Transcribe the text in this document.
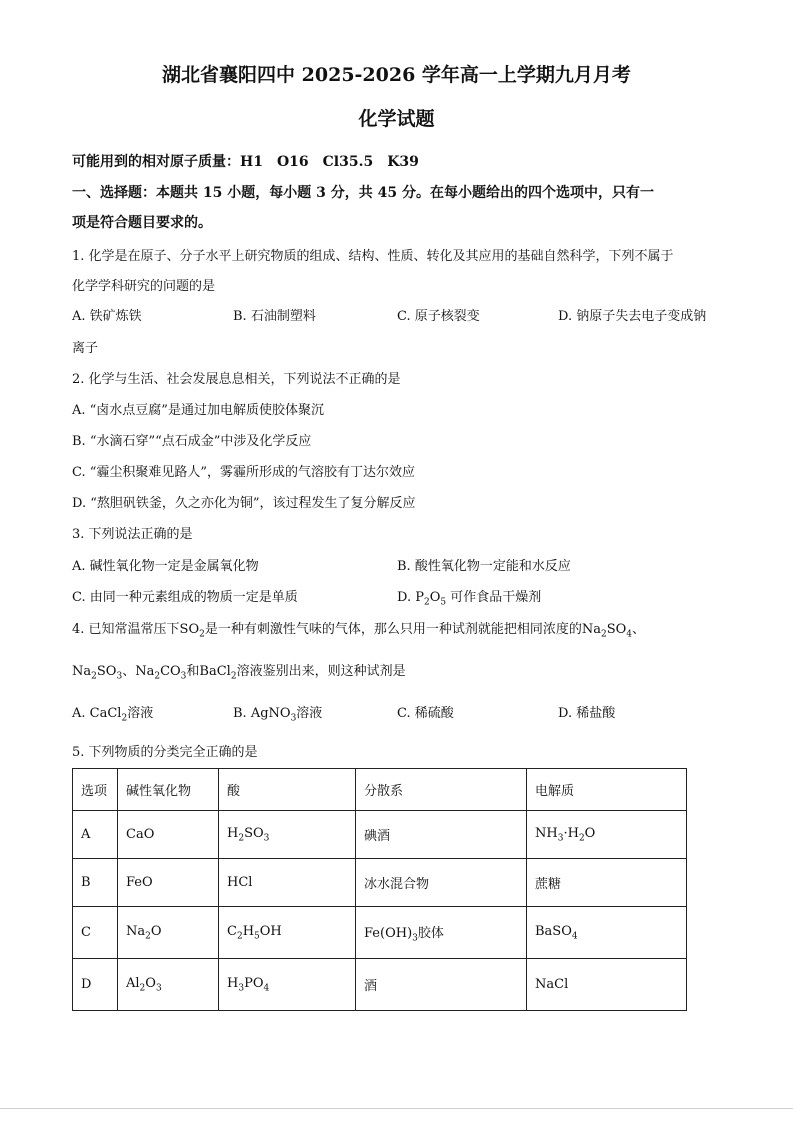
湖北省襄阳四中 2025-2026 学年高一上学期九月月考
化学试题
可能用到的相对原子质量：H1　O16　Cl35.5　K39
一、选择题：本题共 15 小题，每小题 3 分，共 45 分。在每小题给出的四个选项中，只有一
项是符合题目要求的。
1. 化学是在原子、分子水平上研究物质的组成、结构、性质、转化及其应用的基础自然科学，下列不属于
化学学科研究的问题的是
A. 铁矿炼铁	B. 石油制塑料	C. 原子核裂变	D. 钠原子失去电子变成钠
离子
2. 化学与生活、社会发展息息相关，下列说法不正确的是
A. “卤水点豆腐”是通过加电解质使胶体聚沉
B. “水滴石穿”“点石成金”中涉及化学反应
C. “霾尘积聚难见路人”，雾霾所形成的气溶胶有丁达尔效应
D. “熬胆矾铁釜，久之亦化为铜”，该过程发生了复分解反应
3. 下列说法正确的是
A. 碱性氧化物一定是金属氧化物	B. 酸性氧化物一定能和水反应
C. 由同一种元素组成的物质一定是单质	D. $P_2O_5$ 可作食品干燥剂
4. 已知常温常压下$SO_2$是一种有刺激性气味的气体，那么只用一种试剂就能把相同浓度的$Na_2SO_4$、
$Na_2SO_3$、$Na_2CO_3$和BaCl$_2$溶液鉴别出来，则这种试剂是
A. CaCl$_2$溶液	B. AgNO$_3$溶液	C. 稀硫酸	D. 稀盐酸
5. 下列物质的分类完全正确的是
选项	碱性氧化物	酸	分散系	电解质
A	CaO	$H_2SO_3$	碘酒	$NH_3\cdot H_2O$
B	FeO	HCl	冰水混合物	蔗糖
C	$Na_2O$	$C_2H_5OH$	$Fe(OH)_3$胶体	BaSO$_4$
D	$Al_2O_3$	$H_3PO_4$	酒	NaCl
